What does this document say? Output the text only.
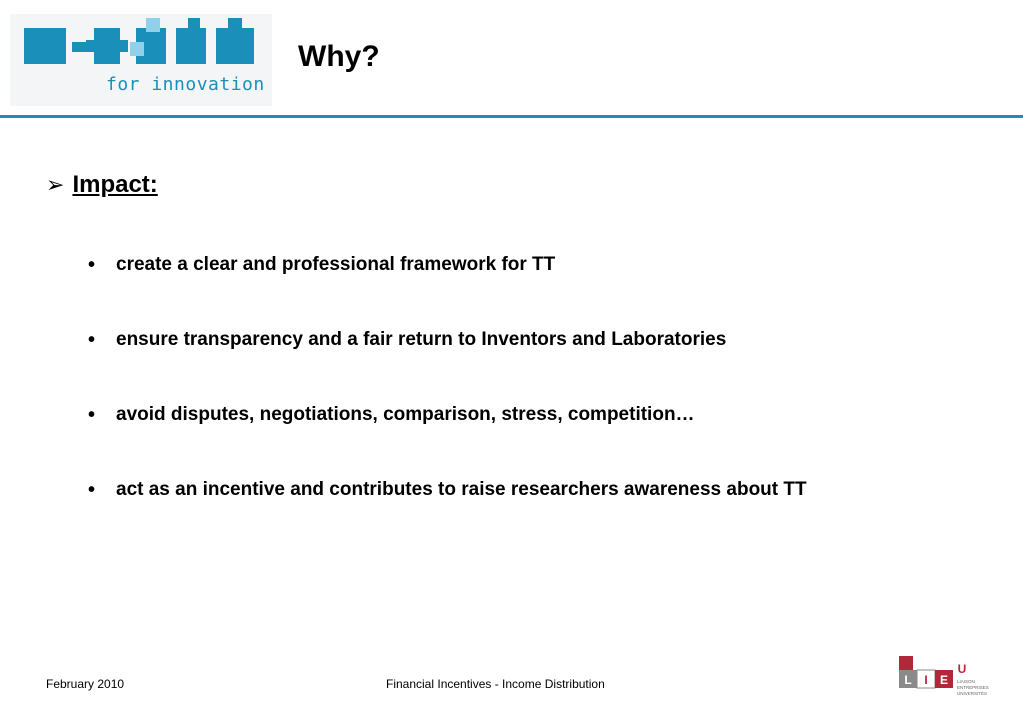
for innovation
Why?
➢ Impact:
•	create a clear and professional framework for TT
•	ensure transparency and a fair return to Inventors and Laboratories
•	avoid disputes, negotiations, comparison, stress, competition…
•	act as an incentive and contributes to raise researchers awareness about TT
February 2010	Financial Incentives - Income Distribution	L I E
U
LIAISON
ENTREPRISES
UNIVERSITÉS
